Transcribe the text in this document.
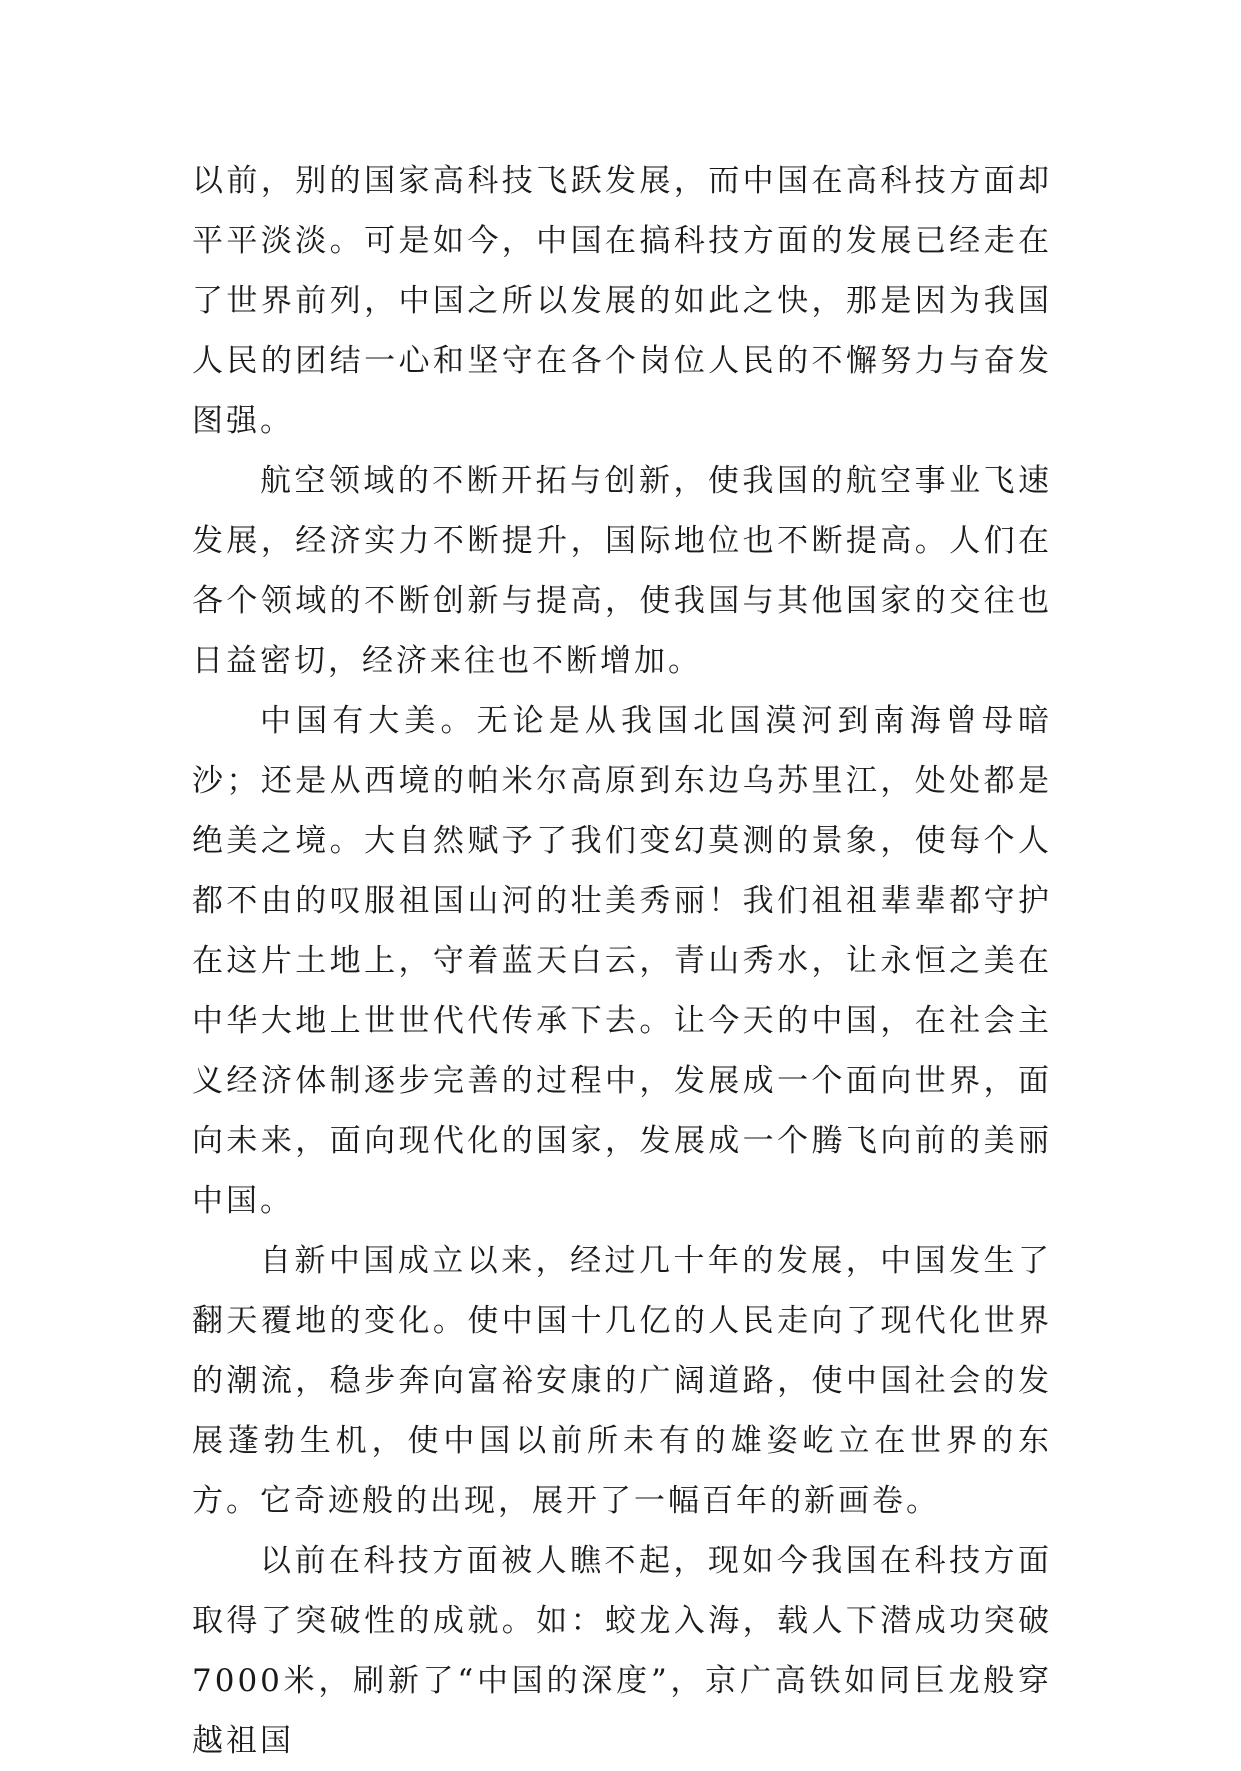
以前，别的国家高科技飞跃发展，而中国在高科技方面却平平淡淡。可是如今，中国在搞科技方面的发展已经走在了世界前列，中国之所以发展的如此之快，那是因为我国人民的团结一心和坚守在各个岗位人民的不懈努力与奋发图强。

航空领域的不断开拓与创新，使我国的航空事业飞速发展，经济实力不断提升，国际地位也不断提高。人们在各个领域的不断创新与提高，使我国与其他国家的交往也日益密切，经济来往也不断增加。

中国有大美。无论是从我国北国漠河到南海曾母暗沙；还是从西境的帕米尔高原到东边乌苏里江，处处都是绝美之境。大自然赋予了我们变幻莫测的景象，使每个人都不由的叹服祖国山河的壮美秀丽！我们祖祖辈辈都守护在这片土地上，守着蓝天白云，青山秀水，让永恒之美在中华大地上世世代代传承下去。让今天的中国，在社会主义经济体制逐步完善的过程中，发展成一个面向世界，面向未来，面向现代化的国家，发展成一个腾飞向前的美丽中国。

自新中国成立以来，经过几十年的发展，中国发生了翻天覆地的变化。使中国十几亿的人民走向了现代化世界的潮流，稳步奔向富裕安康的广阔道路，使中国社会的发展蓬勃生机，使中国以前所未有的雄姿屹立在世界的东方。它奇迹般的出现，展开了一幅百年的新画卷。

以前在科技方面被人瞧不起，现如今我国在科技方面取得了突破性的成就。如：蛟龙入海，载人下潜成功突破7000米，刷新了“中国的深度”，京广高铁如同巨龙般穿越祖国
